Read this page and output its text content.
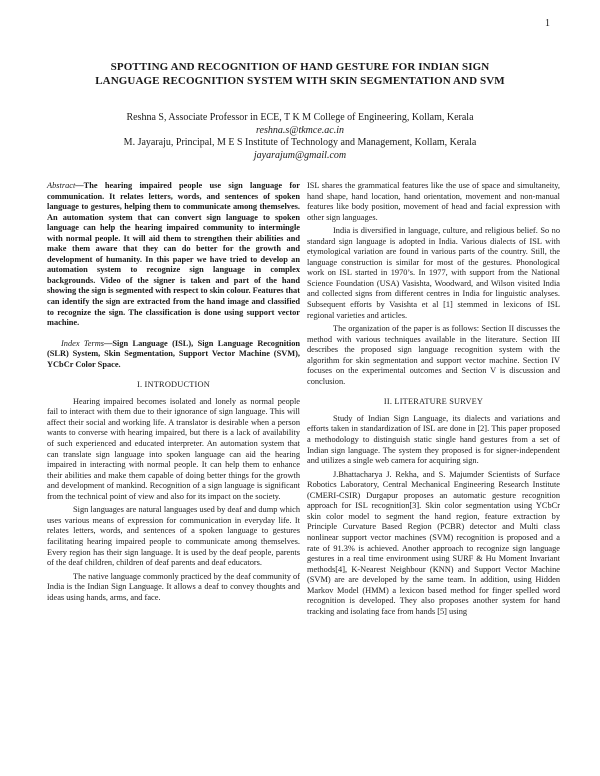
1
SPOTTING AND RECOGNITION OF HAND GESTURE FOR INDIAN SIGN
LANGUAGE RECOGNITION SYSTEM WITH SKIN SEGMENTATION AND SVM
Reshna S, Associate Professor in ECE, T K M College of Engineering, Kollam, Kerala
reshna.s@tkmce.ac.in
M. Jayaraju, Principal, M E S Institute of Technology and Management, Kollam, Kerala
jayarajum@gmail.com

Abstract—The hearing impaired people use sign language for communication. It relates letters, words, and sentences of spoken language to gestures, helping them to communicate among themselves. An automation system that can convert sign language to spoken language can help the hearing impaired community to intermingle with normal people. It will aid them to strengthen their abilities and make them aware that they can do better for the growth and development of humanity. In this paper we have tried to develop an automation system to recognize sign language in complex backgrounds. Video of the signer is taken and part of the hand showing the sign is segmented with respect to skin colour. Features that can identify the sign are extracted from the hand image and classified to recognize the sign. The classification is done using support vector machine.

Index Terms—Sign Language (ISL), Sign Language Recognition (SLR) System, Skin Segmentation, Support Vector Machine (SVM), YCbCr Color Space.

I. INTRODUCTION

Hearing impaired becomes isolated and lonely as normal people fail to interact with them due to their ignorance of sign language. This will affect their social and working life. A translator is desirable when a person wants to converse with hearing impaired, but there is a lack of availability of such experienced and educated interpreter. An automation system that can translate sign language into spoken language can aid the hearing impaired in interacting with normal people. It can help them to enhance their abilities and make them capable of doing better things for the growth and development of mankind. Recognition of a sign language is significant from the technical point of view and also for its impact on the society.

Sign languages are natural languages used by deaf and dump which uses various means of expression for communication in everyday life. It relates letters, words, and sentences of a spoken language to gestures facilitating hearing impaired people to communicate among themselves. Every region has their sign language. It is used by the deaf people, parents of the deaf children, children of deaf parents and deaf educators.

The native language commonly practiced by the deaf community of India is the Indian Sign Language. It allows a deaf to convey thoughts and ideas using hands, arms, and face.

ISL shares the grammatical features like the use of space and simultaneity, hand shape, hand location, hand orientation, movement and non-manual features like body position, movement of head and facial expression with other sign languages.

India is diversified in language, culture, and religious belief. So no standard sign language is adopted in India. Various dialects of ISL with etymological variation are found in various parts of the country. Still, the language construction is similar for most of the gestures. Phonological work on ISL started in 1970’s. In 1977, with support from the National Science Foundation (USA) Vasishta, Woodward, and Wilson visited India and collected signs from different centres in India for linguistic analyses. Subsequent efforts by Vasishta et al [1] stemmed in lexicons of ISL regional varieties and articles.

The organization of the paper is as follows: Section II discusses the method with various techniques available in the literature. Section III describes the proposed sign language recognition system with the algorithm for skin segmentation and support vector machine. Section IV focuses on the experimental outcomes and Section V is discussion and conclusion.

II. LITERATURE SURVEY

Study of Indian Sign Language, its dialects and variations and efforts taken in standardization of ISL are done in [2]. This paper proposed a methodology to distinguish static single hand gestures from a set of Indian sign language. The system they proposed is for signer-independent and utilizes a single web camera for acquiring sign.

J.Bhattacharya J. Rekha, and S. Majumder Scientists of Surface Robotics Laboratory, Central Mechanical Engineering Research Institute (CMERI-CSIR) Durgapur proposes an automatic gesture recognition approach for ISL recognition[3]. Skin color segmentation using YCbCr skin color model to segment the hand region, feature extraction by Principle Curvature Based Region (PCBR) detector and Multi class nonlinear support vector machines (SVM) recognition is proposed and a rate of 91.3% is achieved. Another approach to recognize sign language gestures in a real time environment using SURF & Hu Moment Invariant methods[4], K-Nearest Neighbour (KNN) and Support Vector Machine (SVM) are are developed by the same team. In addition, using Hidden Markov Model (HMM) a lexicon based method for finger spelled word recognition is developed. They also proposes another system for hand tracking and isolating face from hands [5] using
